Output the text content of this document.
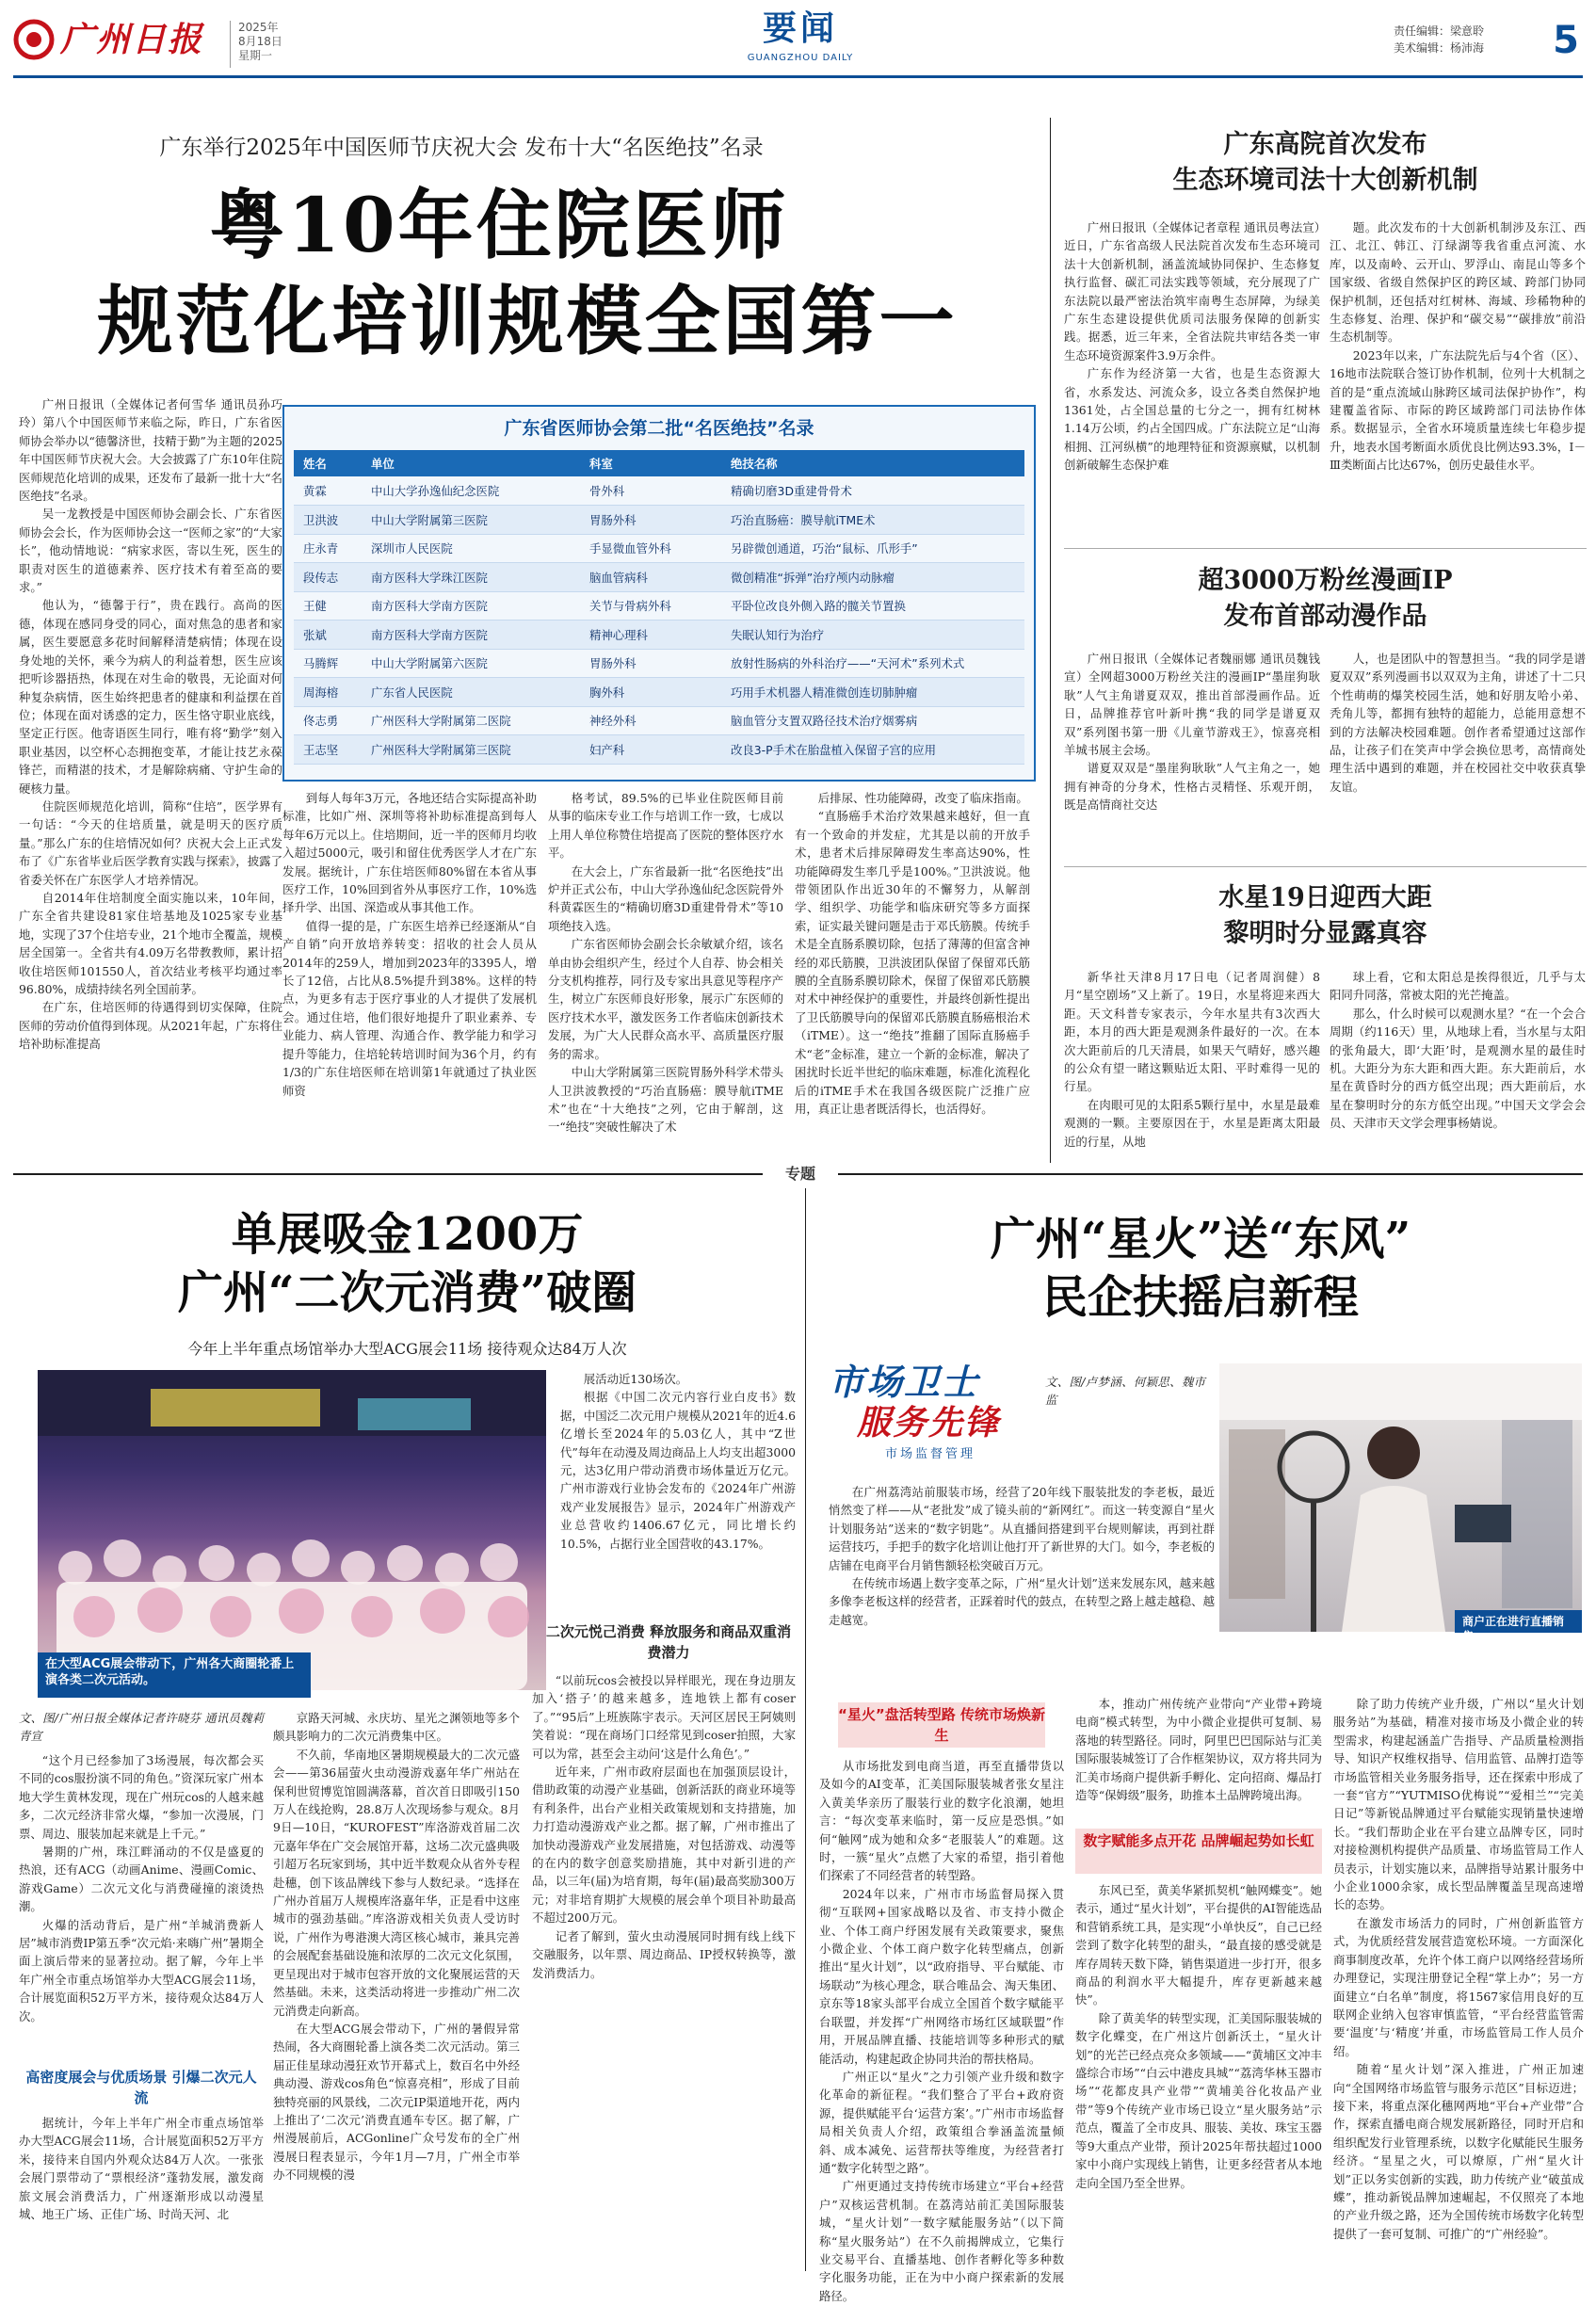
广州日报	2025年
8月18日
星期一
要闻
GUANGZHOU DAILY
责任编辑：梁意聆
美术编辑：杨沛海	5
广东举行2025年中国医师节庆祝大会 发布十大“名医绝技”名录
粤10年住院医师
规范化培训规模全国第一

广州日报讯（全媒体记者何雪华 通讯员孙巧玲）第八个中国医师节来临之际，昨日，广东省医师协会举办以“德馨济世，技精于勤”为主题的2025年中国医师节庆祝大会。大会披露了广东10年住院医师规范化培训的成果，还发布了最新一批十大“名医绝技”名录。

吴一龙教授是中国医师协会副会长、广东省医师协会会长，作为医师协会这一“医师之家”的“大家长”，他动情地说：“病家求医，寄以生死，医生的职责对医生的道德素养、医疗技术有着至高的要求。”

他认为，“德馨于行”，贵在践行。高尚的医德，体现在感同身受的同心，面对焦急的患者和家属，医生要愿意多花时间解释清楚病情；体现在设身处地的关怀，乘今为病人的利益着想，医生应该把听诊器捂热，体现在对生命的敬畏，无论面对何种复杂病情，医生始终把患者的健康和利益摆在首位；体现在面对诱惑的定力，医生恪守职业底线，坚定正行医。他寄语医生同行，唯有将“勤学”刻入职业基因，以空杯心态拥抱变革，才能让技艺永葆锋芒，而精湛的技术，才是解除病痛、守护生命的硬核力量。

住院医师规范化培训，简称“住培”，医学界有一句话：“今天的住培质量，就是明天的医疗质量。”那么广东的住培情况如何？庆祝大会上正式发布了《广东省毕业后医学教育实践与探索》，披露了省委关怀在广东医学人才培养情况。

自2014年住培制度全面实施以来，10年间，广东全省共建设81家住培基地及1025家专业基地，实现了37个住培专业，21个地市全覆盖，规模居全国第一。全省共有4.09万名带教教师，累计招收住培医师101550人，首次结业考核平均通过率96.80%，成绩持续名列全国前茅。

在广东，住培医师的待遇得到切实保障，住院医师的劳动价值得到体现。从2021年起，广东将住培补助标准提高

广东省医师协会第二批“名医绝技”名录
姓名	单位	科室	绝技名称
黄霖	中山大学孙逸仙纪念医院	骨外科	精确切磨3D重建骨骨术
卫洪波	中山大学附属第三医院	胃肠外科	巧治直肠癌：膜导航iTME术
庄永青	深圳市人民医院	手显微血管外科	另辟微创通道，巧治“鼠标、爪形手”
段传志	南方医科大学珠江医院	脑血管病科	微创精准“拆弹”治疗颅内动脉瘤
王健	南方医科大学南方医院	关节与骨病外科	平卧位改良外侧入路的髋关节置换
张斌	南方医科大学南方医院	精神心理科	失眠认知行为治疗
马腾辉	中山大学附属第六医院	胃肠外科	放射性肠病的外科治疗——“天河术”系列术式
周海榕	广东省人民医院	胸外科	巧用手术机器人精准微创连切肺肿瘤
佟志勇	广州医科大学附属第二医院	神经外科	脑血管分支置双路径技术治疗烟雾病
王志坚	广州医科大学附属第三医院	妇产科	改良3-P手术在胎盘植入保留子宫的应用

到每人每年3万元，各地还结合实际提高补助标准，比如广州、深圳等将补助标准提高到每人每年6万元以上。住培期间，近一半的医师月均收入超过5000元，吸引和留住优秀医学人才在广东发展。据统计，广东住培医师80%留在本省从事医疗工作，10%回到省外从事医疗工作，10%选择升学、出国、深造或从事其他工作。

值得一提的是，广东医生培养已经逐渐从“自产自销”向开放培养转变：招收的社会人员从2014年的259人，增加到2023年的3395人，增长了12倍，占比从8.5%提升到38%。这样的特点，为更多有志于医疗事业的人才提供了发展机会。通过住培，他们很好地提升了职业素养、专业能力、病人管理、沟通合作、教学能力和学习提升等能力，住培轮转培训时间为36个月，约有1/3的广东住培医师在培训第1年就通过了执业医师资

格考试，89.5%的已毕业住院医师目前从事的临床专业工作与培训工作一致，七成以上用人单位称赞住培提高了医院的整体医疗水平。

在大会上，广东省最新一批“名医绝技”出炉并正式公布，中山大学孙逸仙纪念医院骨外科黄霖医生的“精确切磨3D重建骨骨术”等10项绝技入选。

广东省医师协会副会长余敏斌介绍，该名单由协会组织产生，经过个人自荐、协会相关分支机构推荐，同行及专家出具意见等程序产生，树立广东医师良好形象，展示广东医师的医疗技术水平，激发医务工作者临床创新技术发展，为广大人民群众高水平、高质量医疗服务的需求。

中山大学附属第三医院胃肠外科学术带头人卫洪波教授的“巧治直肠癌：膜导航iTME术”也在“十大绝技”之列，它由于解剖，这一“绝技”突破性解决了术

后排尿、性功能障碍，改变了临床指南。

“直肠癌手术治疗效果越来越好，但一直有一个致命的并发症，尤其是以前的开放手术，患者术后排尿障碍发生率高达90%，性功能障碍发生率几乎是100%。”卫洪波说。他带领团队作出近30年的不懈努力，从解剖学、组织学、功能学和临床研究等多方面探索，证实最关键问题是击于邓氏筋膜。传统手术是全直肠系膜切除，包括了薄薄的但富含神经的邓氏筋膜，卫洪波团队保留了保留邓氏筋膜的全直肠系膜切除术，保留了保留邓氏筋膜对术中神经保护的重要性，并最终创新性提出了卫氏筋膜导向的保留邓氏筋膜直肠癌根治术（iTME）。这一“绝技”推翻了国际直肠癌手术“老”金标准，建立一个新的金标准，解决了困扰时长近半世纪的临床难题，标准化流程化后的iTME手术在我国各级医院广泛推广应用，真正让患者既活得长，也活得好。

广东高院首次发布
生态环境司法十大创新机制

广州日报讯（全媒体记者章程 通讯员粤法宣）近日，广东省高级人民法院首次发布生态环境司法十大创新机制，涵盖流域协同保护、生态修复执行监督、碳汇司法实践等领域，充分展现了广东法院以最严密法治筑牢南粤生态屏障，为绿美广东生态建设提供优质司法服务保障的创新实践。据悉，近三年来，全省法院共审结各类一审生态环境资源案件3.9万余件。

广东作为经济第一大省，也是生态资源大省，水系发达、河流众多，设立各类自然保护地1361处，占全国总量的七分之一，拥有红树林1.14万公顷，约占全国四成。广东法院立足“山海相拥、江河纵横”的地理特征和资源禀赋，以机制创新破解生态保护难

题。此次发布的十大创新机制涉及东江、西江、北江、韩江、汀绿湖等我省重点河流、水库，以及南岭、云开山、罗浮山、南昆山等多个国家级、省级自然保护区的跨区域、跨部门协同保护机制，还包括对红树林、海域、珍稀物种的生态修复、治理、保护和“碳交易”“碳排放”前沿生态机制等。

2023年以来，广东法院先后与4个省（区）、16地市法院联合签订协作机制，位列十大机制之首的是“重点流域山脉跨区域司法保护协作”，构建覆盖省际、市际的跨区域跨部门司法协作体系。数据显示，全省水环境质量连续七年稳步提升，地表水国考断面水质优良比例达93.3%，Ⅰ－Ⅲ类断面占比达67%，创历史最佳水平。

超3000万粉丝漫画IP
发布首部动漫作品

广州日报讯（全媒体记者魏丽娜 通讯员魏钱宣）全网超3000万粉丝关注的漫画IP“墨崖狗耿耿”人气主角谱夏双双，推出首部漫画作品。近日，品牌推荐官叶新叶携“我的同学是谱夏双双”系列图书第一册《儿童节游戏王》，惊喜亮相羊城书展主会场。

谱夏双双是“墨崖狗耿耿”人气主角之一，她拥有神奇的分身术，性格古灵精怪、乐观开朗，既是高情商社交达

人，也是团队中的智慧担当。“我的同学是谱夏双双”系列漫画书以双双为主角，讲述了十二只个性萌萌的爆笑校园生活，她和好朋友哈小弟、秃角儿等，都拥有独特的超能力，总能用意想不到的方法解决校园难题。创作者希望通过这部作品，让孩子们在笑声中学会换位思考，高情商处理生活中遇到的难题，并在校园社交中收获真挚友谊。
水星19日迎西大距
黎明时分显露真容

新华社天津8月17日电（记者周润健）8月“星空剧场”又上新了。19日，水星将迎来西大距。天文科普专家表示，今年水星共有3次西大距，本月的西大距是观测条件最好的一次。在本次大距前后的几天清晨，如果天气晴好，感兴趣的公众有望一睹这颗贴近太阳、平时难得一见的行星。

在肉眼可见的太阳系5颗行星中，水星是最难观测的一颗。主要原因在于，水星是距离太阳最近的行星，从地

球上看，它和太阳总是挨得很近，几乎与太阳同升同落，常被太阳的光芒掩盖。

那么，什么时候可以观测水星？“在一个会合周期（约116天）里，从地球上看，当水星与太阳的张角最大，即‘大距’时，是观测水星的最佳时机。大距分为东大距和西大距。东大距前后，水星在黄昏时分的西方低空出现；西大距前后，水星在黎明时分的东方低空出现。”中国天文学会会员、天津市天文学会理事杨婧说。

专题
单展吸金1200万
广州“二次元消费”破圈
今年上半年重点场馆举办大型ACG展会11场 接待观众达84万人次
在大型ACG展会带动下，广州各大商圈轮番上演各类二次元活动。
文、图/广州日报全媒体记者许晓芬 通讯员魏莉青宣

“这个月已经参加了3场漫展，每次都会买不同的cos服扮演不同的角色。”资深玩家广州本地大学生黄林发现，现在广州玩cos的人越来越多，二次元经济非常火爆，“参加一次漫展，门票、周边、服装加起来就是上千元。”

暑期的广州，珠江畔涌动的不仅是盛夏的热浪，还有ACG（动画Anime、漫画Comic、游戏Game）二次元文化与消费碰撞的滚烫热潮。

火爆的活动背后，是广州“羊城消费新人居”城市消费IP第五季“次元焰·来嗨广州”暑期全面上演后带来的显著拉动。据了解，今年上半年广州全市重点场馆举办大型ACG展会11场，合计展览面积52万平方米，接待观众达84万人次。

高密度展会与优质场景 引爆二次元人流
据统计，今年上半年广州全市重点场馆举办大型ACG展会11场，合计展览面积52万平方米，接待来自国内外观众达84万人次。一张张会展门票带动了“票根经济”蓬勃发展，激发商旅文展会消费活力，广州逐渐形成以动漫星城、地王广场、正佳广场、时尚天河、北

京路天河城、永庆坊、星光之渊领地等多个颇具影响力的二次元消费集中区。

不久前，华南地区暑期规模最大的二次元盛会——第36届萤火虫动漫游戏嘉年华广州站在保利世贸博览馆圆满落幕，首次首日即吸引150万人在线抢购，28.8万人次现场参与观众。8月9日—10日，“KUROFEST”库洛游戏首届二次元嘉年华在广交会展馆开幕，这场二次元盛典吸引超万名玩家到场，其中近半数观众从省外专程赴穗，创下该品牌线下参与人数纪录。“选择在广州办首届万人规模库洛嘉年华，正是看中这座城市的强劲基础。”库洛游戏相关负责人受访时说，广州作为粤港澳大湾区核心城市，兼具完善的会展配套基础设施和浓厚的二次元文化氛围，更呈现出对于城市包容开放的文化聚展运营的天然基础。未来，这类活动将进一步推动广州二次元消费走向新高。

在大型ACG展会带动下，广州的暑假异常热闹，各大商圈轮番上演各类二次元活动。第三届正佳星球动漫狂欢节开幕式上，数百名中外经典动漫、游戏cos角色“惊喜亮相”，形成了目前独特亮丽的风景线，二次元IP渠道地开花，两内上推出了‘二次元’消费直通车专区。据了解，广州漫展前后，ACGonline广众号发布的全广州漫展日程表显示，今年1月—7月，广州全市举办不同规模的漫

展活动近130场次。

根据《中国二次元内容行业白皮书》数据，中国泛二次元用户规模从2021年的近4.6亿增长至2024年的5.03亿人，其中“Z世代”每年在动漫及周边商品上人均支出超3000元，达3亿用户带动消费市场体量近万亿元。广州市游戏行业协会发布的《2024年广州游戏产业发展报告》显示，2024年广州游戏产业总营收约1406.67亿元，同比增长约10.5%，占据行业全国营收的43.17%。

二次元悦己消费 释放服务和商品双重消费潜力

“以前玩cos会被投以异样眼光，现在身边朋友加入‘搭子’的越来越多，连地铁上都有coser了。”“95后”上班族陈宇表示。天河区居民王阿姨则笑着说：“现在商场门口经常见到coser拍照，大家可以为常，甚至会主动问‘这是什么角色’。”

近年来，广州市政府层面也在加强顶层设计，借助政策的动漫产业基础，创新活跃的商业环境等有利条件，出台产业相关政策规划和支持措施，加力打造动漫游戏产业之都。据了解，广州市推出了加快动漫游戏产业发展措施，对包括游戏、动漫等的在内的数字创意奖励措施，其中对新引进的产品，以三年(届)为培育期，每年(届)最高奖励300万元；对非培育期扩大规模的展会单个项目补助最高不超过200万元。

记者了解到，萤火虫动漫展同时拥有线上线下交融服务，以年票、周边商品、IP授权转换等，激发消费活力。

广州“星火”送“东风”
民企扶摇启新程
市场卫士
服务先锋
市场监督管理
文、图/卢梦涵、何颖思、魏市监
商户正在进行直播销售。

在广州荔湾站前服装市场，经营了20年线下服装批发的李老板，最近悄然变了样——从“老批发”成了镜头前的“新网红”。而这一转变源自“星火计划服务站”送来的“数字钥匙”。从直播间搭建到平台规则解读，再到社群运营技巧，手把手的数字化培训让他打开了新世界的大门。如今，李老板的店铺在电商平台月销售额轻松突破百万元。

在传统市场遇上数字变革之际，广州“星火计划”送来发展东风，越来越多像李老板这样的经营者，正踩着时代的鼓点，在转型之路上越走越稳、越走越宽。

“星火”盘活转型路 传统市场焕新生

从市场批发到电商当道，再至直播带货以及如今的AI变革，汇美国际服装城者张女星注入黄美华亲历了服装行业的数字化浪潮，她坦言：“每次变革来临时，第一反应是恐惧。”如何“触网”成为她和众多“老服装人”的难题。这时，一簇“星火”点燃了大家的希望，指引着他们探索了不同经营者的转型路。

2024年以来，广州市市场监督局探入贯彻“互联网+国家战略以及省、市支持小微企业、个体工商户纾困发展有关政策要求，聚焦小微企业、个体工商户数字化转型痛点，创新推出“星火计划”，以“政府指导、平台赋能、市场联动”为核心理念，联合唯品会、淘天集团、京东等18家头部平台成立全国首个数字赋能平台联盟，并发挥“广州网络市场红区域联盟”作用，开展品牌直播、技能培训等多种形式的赋能活动，构建起政企协同共治的帮扶格局。

广州正以“星火”之力引领产业升级和数字化革命的新征程。“我们整合了平台+政府资源，提供赋能平台‘运营方案’。”广州市市场监督局相关负责人介绍，政策组合拳涵盖流量倾斜、成本减免、运营帮扶等维度，为经营者打通“数字化转型之路”。

广州更通过支持传统市场建立“平台+经营户”双核运营机制。在荔湾站前汇美国际服装城，“星火计划”一数字赋能服务站”（以下简称“星火服务站”）在不久前揭牌成立，它集行业交易平台、直播基地、创作者孵化等多种数字化服务功能，正在为中小商户探索新的发展路径。

本，推动广州传统产业带向“产业带+跨境电商”模式转型，为中小微企业提供可复制、易落地的转型路径。同时，阿里巴巴国际站与汇美国际服装城签订了合作框架协议，双方将共同为汇美市场商户提供新手孵化、定向招商、爆品打造等“保姆级”服务，助推本土品牌跨境出海。
数字赋能多点开花 品牌崛起势如长虹

东风已至，黄美华紧抓契机“触网蝶变”。她表示，通过“星火计划”，平台提供的AI智能选品和营销系统工具，是实现“小单快反”，自己已经尝到了数字化转型的甜头，“最直接的感受就是库存周转天数下降，销售渠道进一步打开，很多商品的利润水平大幅提升，库存更新越来越快”。

除了黄美华的转型实现，汇美国际服装城的数字化蝶变，在广州这片创新沃土，“星火计划”的光芒已经点亮众多领域——“黄埔区文冲丰盛综合市场”“白云中港皮具城”“荔湾华林玉器市场”“花都皮具产业带”“黄埔美谷化妆品产业带”等9个传统产业市场已设立“星火服务站”示范点，覆盖了全市皮具、服装、美妆、珠宝玉器等9大重点产业带，预计2025年帮扶超过1000家中小商户实现线上销售，让更多经营者从本地走向全国乃至全世界。

除了助力传统产业升级，广州以“星火计划服务站”为基础，精准对接市场及小微企业的转型需求，构建起涵盖广告指导、产品质量检测指导、知识产权维权指导、信用监管、品牌打造等市场监管相关业务服务指导，还在探索中形成了一套“官方”“YUTMISO优梅说”“爱相兰”“完美日记”等新锐品牌通过平台赋能实现销量快速增长。“我们帮助企业在平台建立品牌专区，同时对接检测机构提供产品质量、市场监管局工作人员表示，计划实施以来，品牌指导站累计服务中小企业1000余家，成长型品牌覆盖呈现高速增长的态势。

在激发市场活力的同时，广州创新监管方式，为优质经营发展营造宽松环境。一方面深化商事制度改革，允许个体工商户以网络经营场所办理登记，实现注册登记全程“掌上办”；另一方面建立“白名单”制度，将1567家信用良好的互联网企业纳入包容审慎监管，“平台经营监管需要‘温度’与‘精度’并重，市场监管局工作人员介绍。

随着“星火计划”深入推进，广州正加速向“全国网络市场监管与服务示范区”目标迈进；接下来，将重点深化穗网两地“平台+产业带”合作，探索直播电商合规发展新路径，同时开启和组织配发行业管理系统，以数字化赋能民生服务经济。“星星之火，可以燎原，广州“星火计划”正以务实创新的实践，助力传统产业“破茧成蝶”，推动新锐品牌加速崛起，不仅照亮了本地的产业升级之路，还为全国传统市场数字化转型提供了一套可复制、可推广的“广州经验”。
